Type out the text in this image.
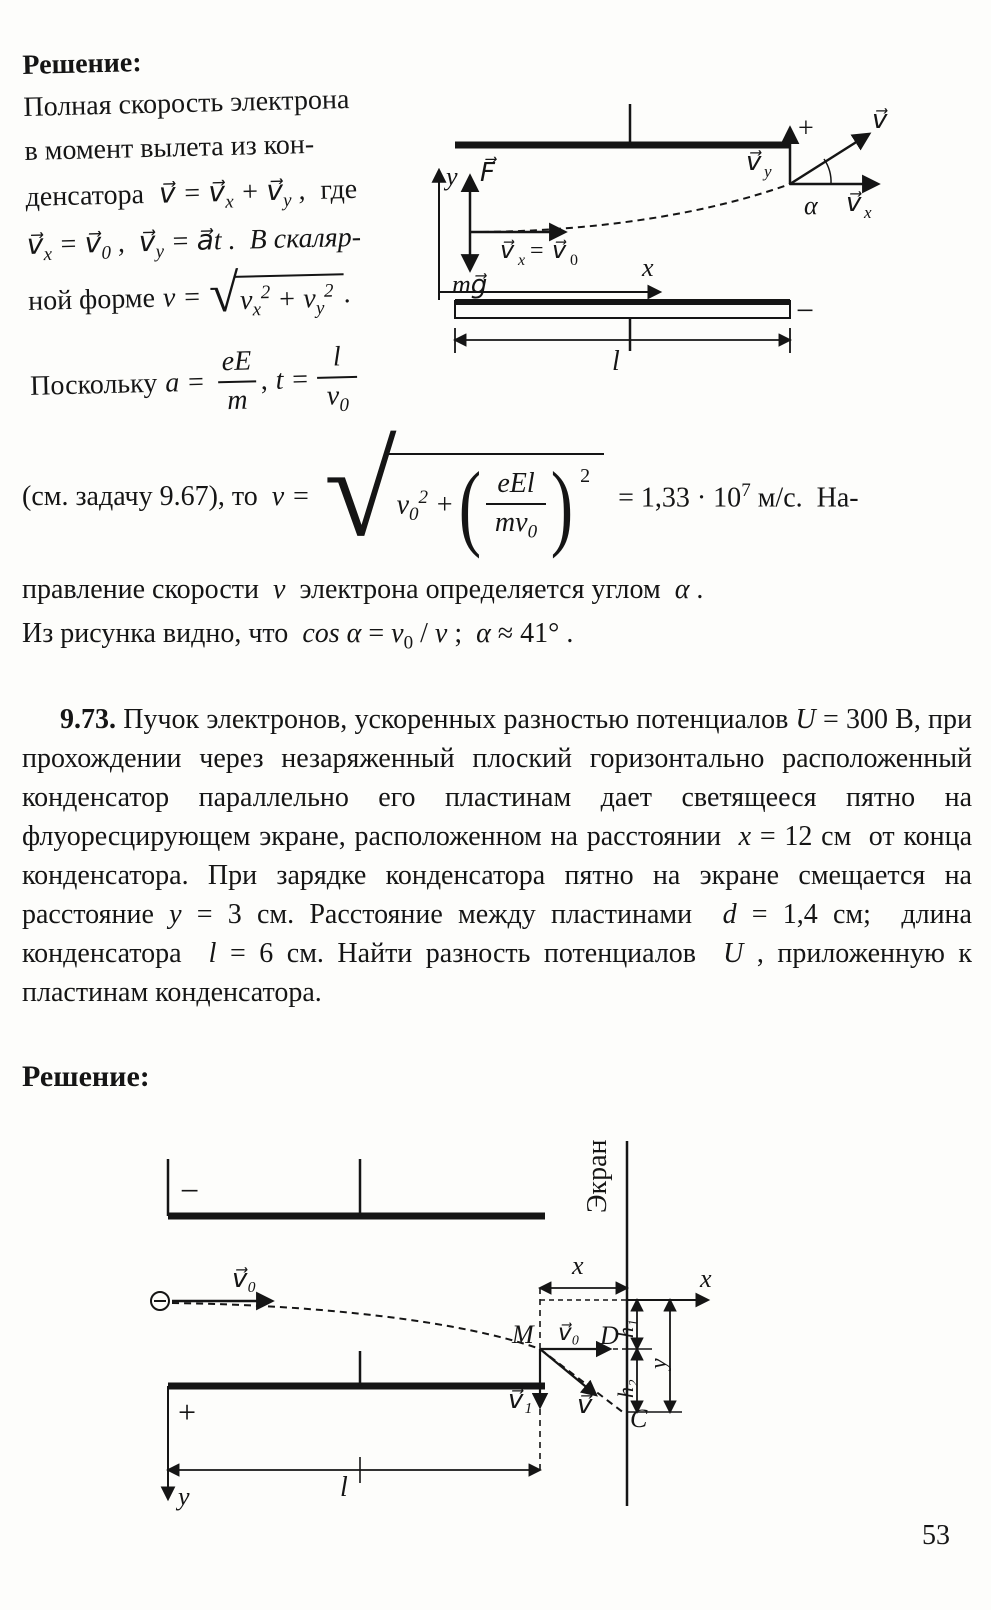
Решение:
Полная скорость электрона
в момент вылета из кон-
денсатора v⃗ = $v⃗_x$ + $v⃗_y$ , где
$v⃗_x$ = $v⃗_0$ ,  $v⃗_y$ = a⃗t .  В скаляр-
ной форме v = √ $v_x^2 + v_y^2$ .
Поскольку $a = \frac{eE}{m}$
, $t = \frac{l}{v_0}$
+
−
y F⃗
mg⃗
v⃗ x = v⃗ 0 x
l
v⃗
v⃗ y
v⃗ x
α
(см. задачу 9.67), то v = √ $v_0^2$ + ( $\frac{\text{eEl}}{mv_0}$ ) 2
= $1,33 \cdot 10^7$ м/с.  На-
правление скорости  v  электрона определяется углом  α .
Из рисунка видно, что  $\cos \alpha = v_0 / v$ ;  α ≈ 41° .
9.73. Пучок электронов, ускоренных разностью потенциалов U = 300 В, при прохождении через незаряженный плоский горизонтально расположенный конденсатор параллельно его пластинам дает светящееся пятно на флуоресцирующем экране, расположенном на расстоянии  x = 12 см  от конца конденсатора. При зарядке конденсатора пятно на экране смещается на расстояние y = 3 см. Расстояние между пластинами  d = 1,4 см;  длина конденсатора  l = 6 см. Найти разность потенциалов  U , приложенную к пластинам конденсатора.
Решение:
Экран
−
+
v⃗₀
v⃗₀
M	D
C
v⃗₁ v⃗
x	x
h₁
h₂
y
l
y
53
